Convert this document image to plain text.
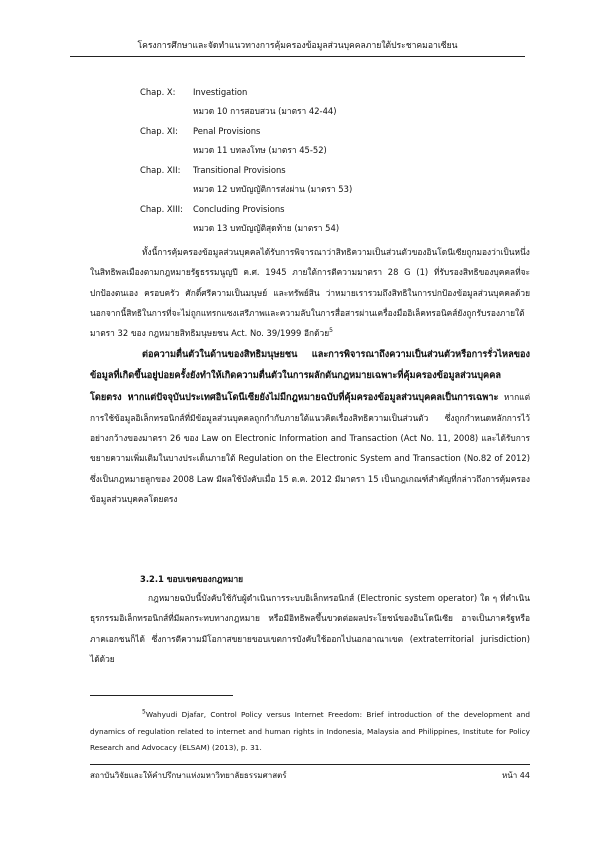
โครงการศึกษาและจัดทำแนวทางการคุ้มครองข้อมูลส่วนบุคคลภายใต้ประชาคมอาเซียน
Chap. X:	Investigation
หมวด 10 การสอบสวน (มาตรา 42-44)
Chap. XI:	Penal Provisions
หมวด 11 บทลงโทษ (มาตรา 45-52)
Chap. XII:	Transitional Provisions
หมวด 12 บทบัญญัติการส่งผ่าน (มาตรา 53)
Chap. XIII:	Concluding Provisions
หมวด 13 บทบัญญัติสุดท้าย (มาตรา 54)
ทั้งนี้การคุ้มครองข้อมูลส่วนบุคคลได้รับการพิจารณาว่าสิทธิความเป็นส่วนตัวของอินโดนีเซียถูกมองว่าเป็นหนึ่งในสิทธิพลเมืองตามกฎหมายรัฐธรรมนูญปี ค.ศ. 1945 ภายใต้การตีความมาตรา 28 G (1) ที่รับรองสิทธิของบุคคลที่จะปกป้องตนเอง ครอบครัว ศักดิ์ศรีความเป็นมนุษย์ และทรัพย์สิน ว่าหมายเรารวมถึงสิทธิในการปกป้องข้อมูลส่วนบุคคลด้วย นอกจากนี้สิทธิในการที่จะไม่ถูกแทรกแซงเสรีภาพและความลับในการสื่อสารผ่านเครื่องมืออิเล็คทรอนิคส์ยังถูกรับรองภายใต้มาตรา 32 ของ กฎหมายสิทธิมนุษยชน Act. No. 39/1999 อีกด้วย$^5$
ต่อความตื่นตัวในด้านของสิทธิมนุษยชน และการพิจารณาถึงความเป็นส่วนตัวหรือการรั่วไหลของข้อมูลที่เกิดขึ้นอยู่บ่อยครั้งยังทำให้เกิดความตื่นตัวในการผลักดันกฎหมายเฉพาะที่คุ้มครองข้อมูลส่วนบุคคลโดยตรง หากแต่ปัจจุบันประเทศอินโดนีเซียยังไม่มีกฎหมายฉบับที่คุ้มครองข้อมูลส่วนบุคคลเป็นการเฉพาะ หากแต่การใช้ข้อมูลอิเล็กทรอนิกส์ที่มีข้อมูลส่วนบุคคลถูกกำกับภายใต้แนวคิดเรื่องสิทธิความเป็นส่วนตัว ซึ่งถูกกำหนดหลักการไว้อย่างกว้างของมาตรา 26 ของ Law on Electronic Information and Transaction (Act No. 11, 2008) และได้รับการขยายความเพิ่มเติมในบางประเด็นภายใต้ Regulation on the Electronic System and Transaction (No.82 of 2012) ซึ่งเป็นกฎหมายลูกของ 2008 Law มีผลใช้บังคับเมื่อ 15 ต.ค. 2012 มีมาตรา 15 เป็นกฎเกณฑ์สำคัญที่กล่าวถึงการคุ้มครองข้อมูลส่วนบุคคลโดยตรง
3.2.1 ขอบเขตของกฎหมาย
กฎหมายฉบับนี้บังคับใช้กับผู้ดำเนินการระบบอิเล็กทรอนิกส์ (Electronic system operator) ใด ๆ ที่ดำเนินธุรกรรมอิเล็กทรอนิกส์ที่มีผลกระทบทางกฎหมาย หรือมีอิทธิพลขึ้นขวดต่อผลประโยชน์ของอินโดนีเซีย อาจเป็นภาครัฐหรือภาคเอกชนก็ได้ ซึ่งการตีความมีโอกาสขยายขอบเขตการบังคับใช้ออกไปนอกอาณาเขต (extraterritorial jurisdiction) ได้ด้วย
$^5$Wahyudi Djafar, Control Policy versus Internet Freedom: Brief introduction of the development and dynamics of regulation related to internet and human rights in Indonesia, Malaysia and Philippines, Institute for Policy Research and Advocacy (ELSAM) (2013), p. 31.
สถาบันวิจัยและให้คำปรึกษาแห่งมหาวิทยาลัยธรรมศาสตร์	หน้า 44
